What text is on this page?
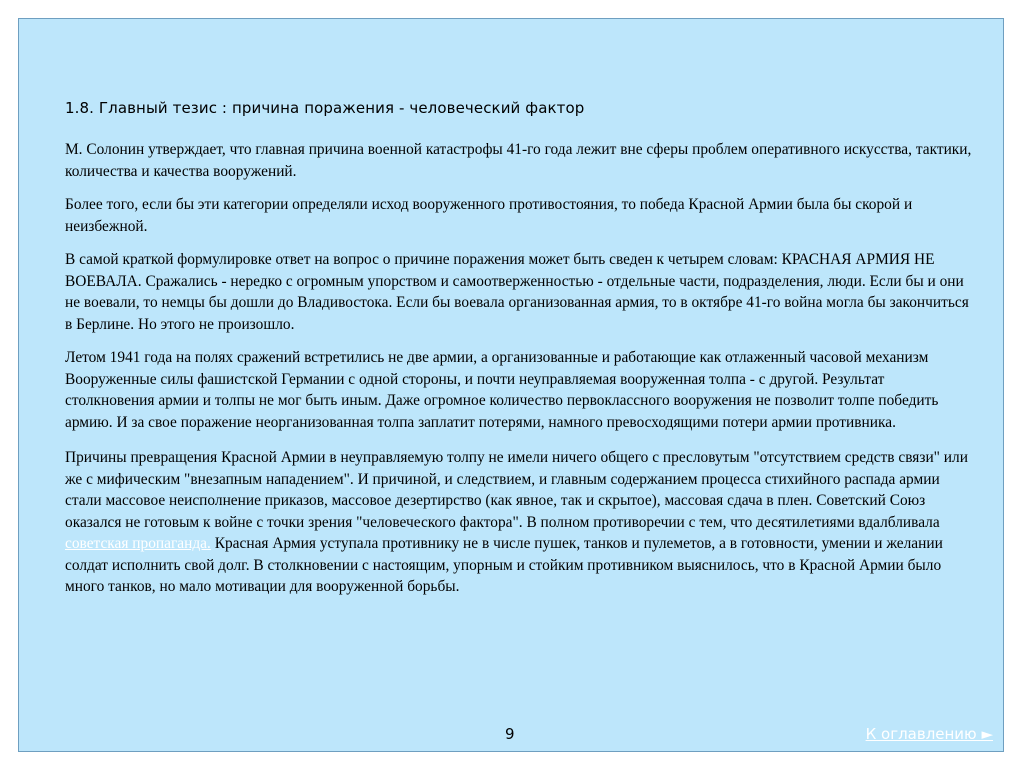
1.8. Главный тезис : причина поражения - человеческий фактор

М. Солонин утверждает, что главная причина военной катастрофы 41-го года лежит вне сферы проблем оперативного искусства, тактики, количества и качества вооружений.

Более того, если бы эти категории определяли исход вооруженного противостояния, то победа Красной Армии была бы скорой и неизбежной.

В самой краткой формулировке ответ на вопрос о причине поражения может быть сведен к четырем словам: КРАСНАЯ АРМИЯ НЕ ВОЕВАЛА. Сражались - нередко с огромным упорством и самоотверженностью - отдельные части, подразделения, люди. Если бы и они не воевали, то немцы бы дошли до Владивостока. Если бы воевала организованная армия, то в октябре 41-го война могла бы закончиться в Берлине. Но этого не произошло.

Летом 1941 года на полях сражений встретились не две армии, а организованные и работающие как отлаженный часовой механизм Вооруженные силы фашистской Германии с одной стороны, и почти неуправляемая вооруженная толпа - с другой. Результат столкновения армии и толпы не мог быть иным. Даже огромное количество первоклассного вооружения не позволит толпе победить армию. И за свое поражение неорганизованная толпа заплатит потерями, намного превосходящими потери армии противника.

Причины превращения Красной Армии в неуправляемую толпу не имели ничего общего с пресловутым "отсутствием средств связи" или же с мифическим "внезапным нападением". И причиной, и следствием, и главным содержанием процесса стихийного распада армии стали массовое неисполнение приказов, массовое дезертирство (как явное, так и скрытое), массовая сдача в плен. Советский Союз оказался не готовым к войне с точки зрения "человеческого фактора". В полном противоречии с тем, что десятилетиями вдалбливала советская пропаганда. Красная Армия уступала противнику не в числе пушек, танков и пулеметов, а в готовности, умении и желании солдат исполнить свой долг. В столкновении с настоящим, упорным и стойким противником выяснилось, что в Красной Армии было много танков, но мало мотивации для вооруженной борьбы.

9	К оглавлению ►
